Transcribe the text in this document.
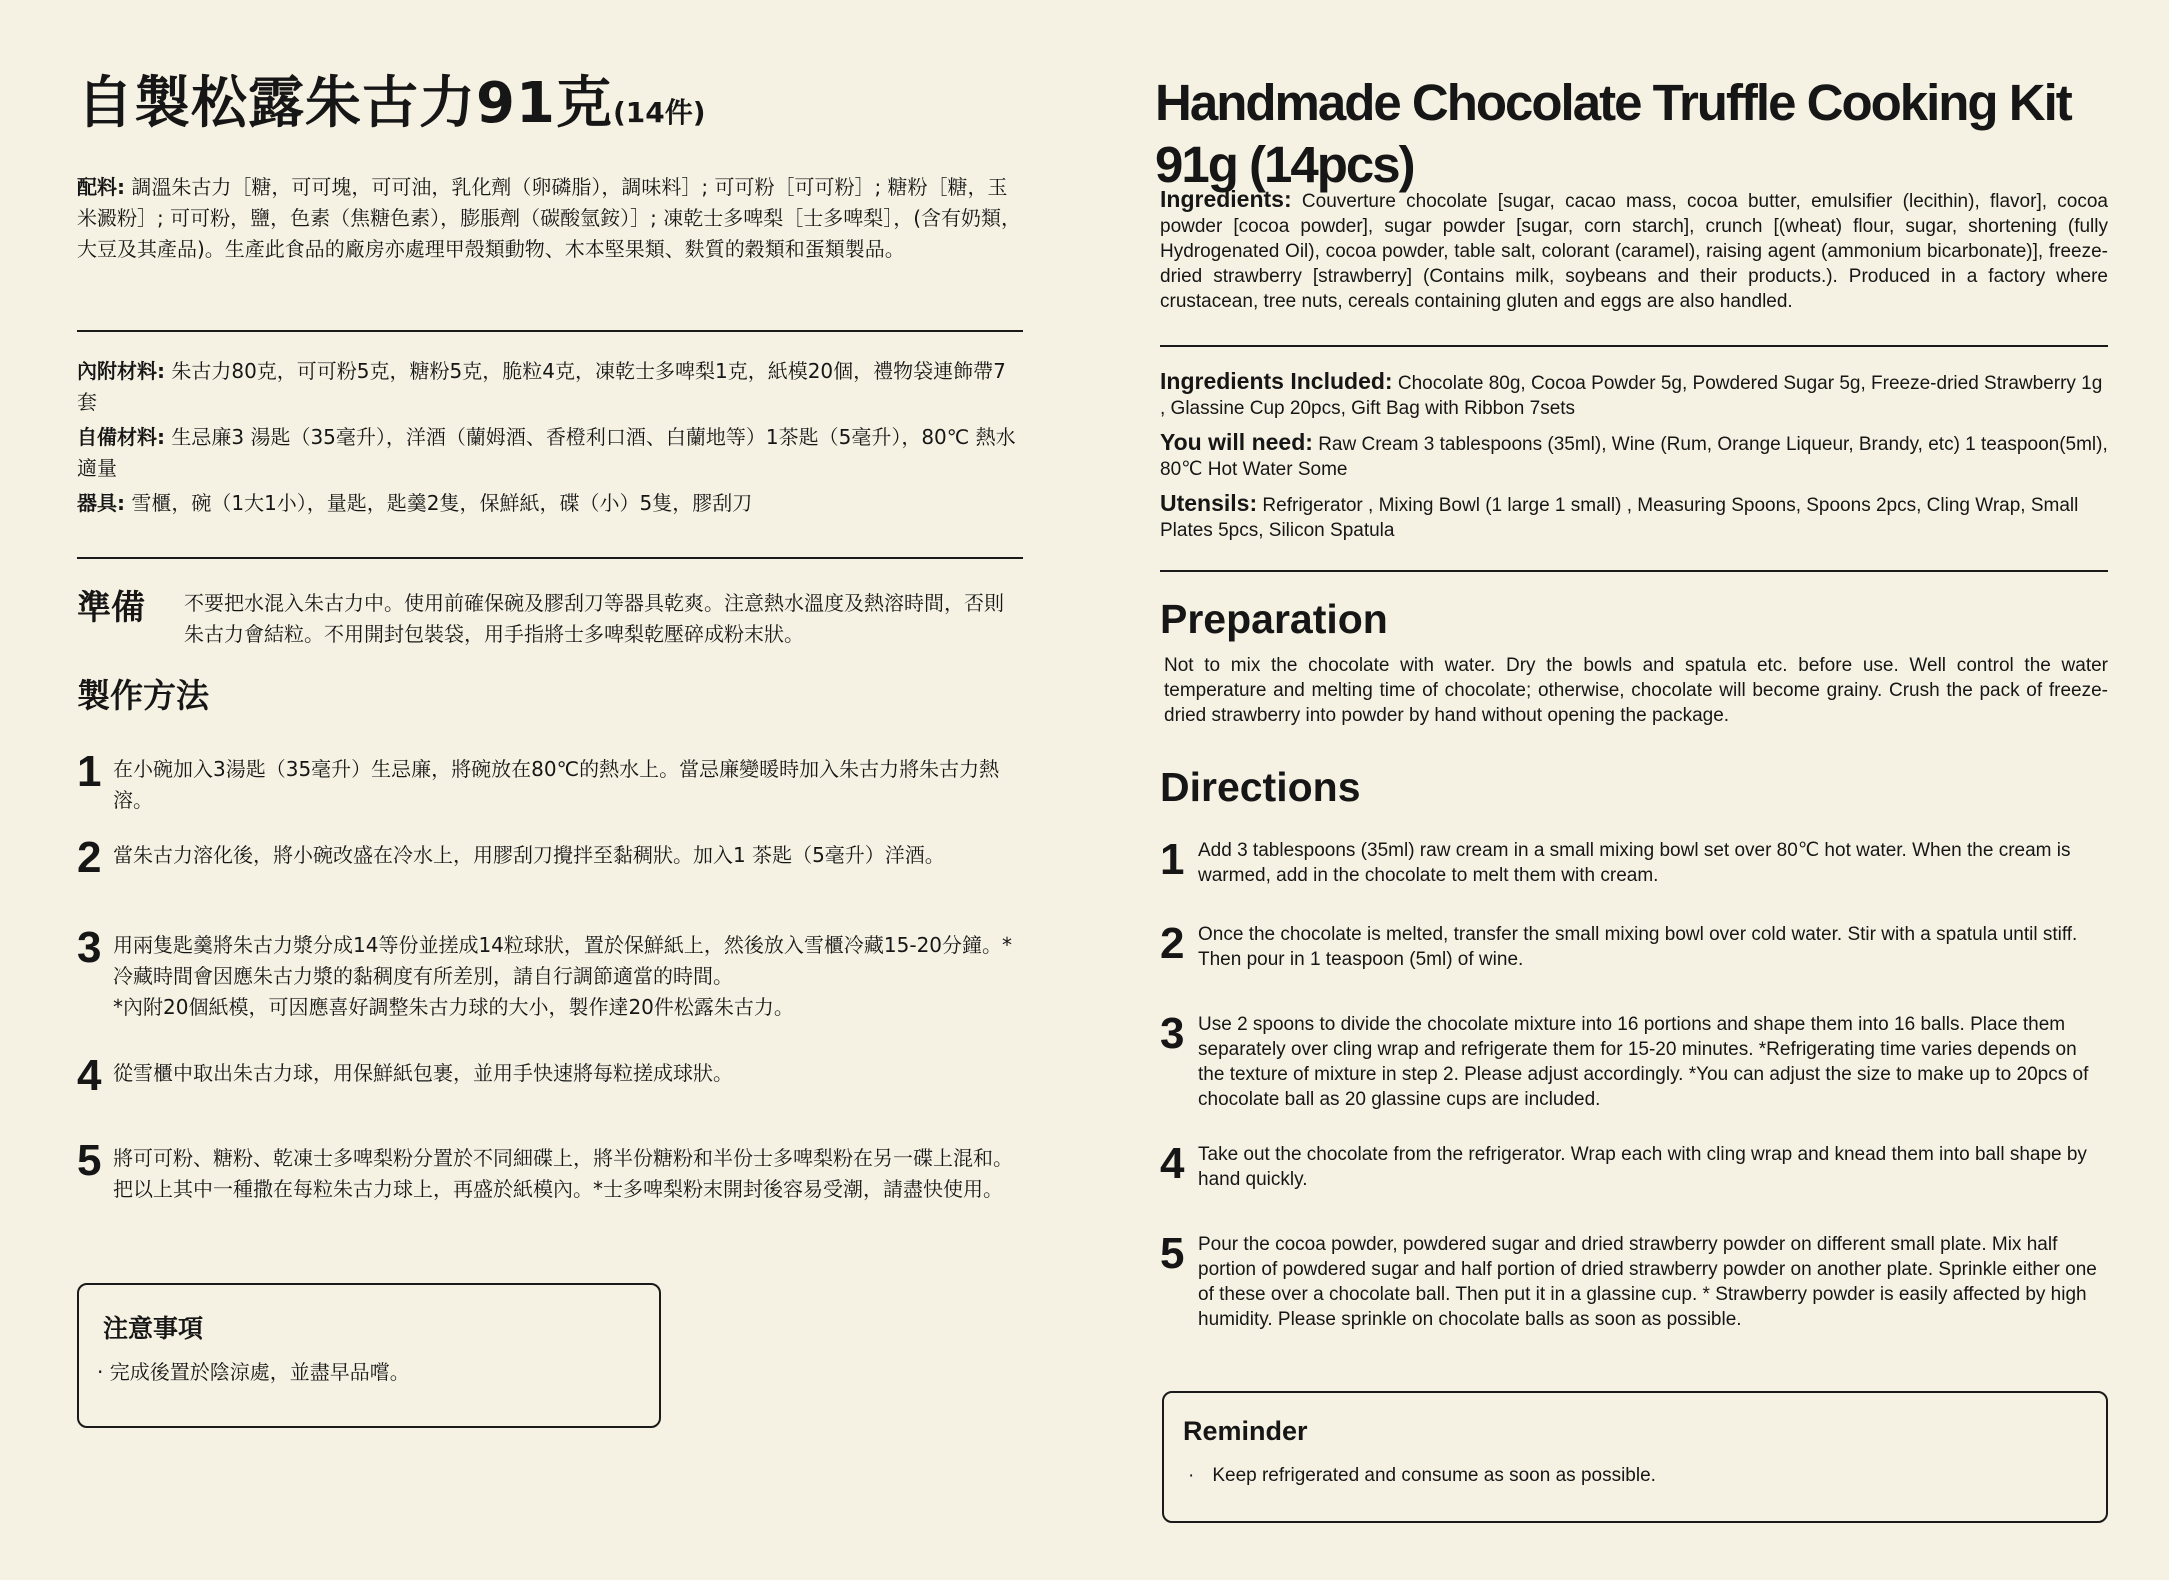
自製松露朱古力91克(14件)
配料: 調溫朱古力［糖，可可塊，可可油，乳化劑（卵磷脂），調味料］; 可可粉［可可粉］; 糖粉［糖，玉米澱粉］; 可可粉，鹽，色素（焦糖色素），膨脹劑（碳酸氫銨）］; 凍乾士多啤梨［士多啤梨］，(含有奶類，大豆及其產品)。生產此食品的廠房亦處理甲殼類動物、木本堅果類、麩質的穀類和蛋類製品。
內附材料: 朱古力80克，可可粉5克，糖粉5克，脆粒4克，凍乾士多啤梨1克，紙模20個，禮物袋連飾帶7套
自備材料: 生忌廉3 湯匙（35毫升），洋酒（蘭姆酒、香橙利口酒、白蘭地等）1茶匙（5毫升），80℃ 熱水 適量
器具: 雪櫃，碗（1大1小），量匙，匙羹2隻，保鮮紙，碟（小）5隻，膠刮刀
準備 不要把水混入朱古力中。使用前確保碗及膠刮刀等器具乾爽。注意熱水溫度及熱溶時間，否則朱古力會結粒。不用開封包裝袋，用手指將士多啤梨乾壓碎成粉末狀。
製作方法
1 在小碗加入3湯匙（35毫升）生忌廉，將碗放在80℃的熱水上。當忌廉變暖時加入朱古力將朱古力熱溶。
2 當朱古力溶化後，將小碗改盛在冷水上，用膠刮刀攪拌至黏稠狀。加入1 茶匙（5毫升）洋酒。
3 用兩隻匙羹將朱古力漿分成14等份並搓成14粒球狀，置於保鮮紙上，然後放入雪櫃冷藏15-20分鐘。*冷藏時間會因應朱古力漿的黏稠度有所差別，請自行調節適當的時間。
*內附20個紙模，可因應喜好調整朱古力球的大小，製作達20件松露朱古力。
4 從雪櫃中取出朱古力球，用保鮮紙包裹，並用手快速將每粒搓成球狀。
5 將可可粉、糖粉、乾凍士多啤梨粉分置於不同細碟上，將半份糖粉和半份士多啤梨粉在另一碟上混和。把以上其中一種撒在每粒朱古力球上，再盛於紙模內。*士多啤梨粉末開封後容易受潮，請盡快使用。
注意事項
· 完成後置於陰涼處，並盡早品嚐。
Handmade Chocolate Truffle Cooking Kit 91g (14pcs)
Ingredients: Couverture chocolate [sugar, cacao mass, cocoa butter, emulsifier (lecithin), flavor], cocoa powder [cocoa powder], sugar powder [sugar, corn starch], crunch [(wheat) flour, sugar, shortening (fully Hydrogenated Oil), cocoa powder, table salt, colorant (caramel), raising agent (ammonium bicarbonate)], freeze-dried strawberry [strawberry] (Contains milk, soybeans and their products.). Produced in a factory where crustacean, tree nuts, cereals containing gluten and eggs are also handled.
Ingredients Included: Chocolate 80g, Cocoa Powder 5g, Powdered Sugar 5g, Freeze-dried Strawberry 1g , Glassine Cup 20pcs, Gift Bag with Ribbon 7sets
You will need: Raw Cream 3 tablespoons (35ml), Wine (Rum, Orange Liqueur, Brandy, etc) 1 teaspoon(5ml), 80℃ Hot Water Some
Utensils: Refrigerator , Mixing Bowl (1 large 1 small) , Measuring Spoons, Spoons 2pcs, Cling Wrap, Small Plates 5pcs, Silicon Spatula
Preparation
Not to mix the chocolate with water. Dry the bowls and spatula etc. before use. Well control the water temperature and melting time of chocolate; otherwise, chocolate will become grainy. Crush the pack of freeze-dried strawberry into powder by hand without opening the package.
Directions
1 Add 3 tablespoons (35ml) raw cream in a small mixing bowl set over 80℃ hot water. When the cream is warmed, add in the chocolate to melt them with cream.
2 Once the chocolate is melted, transfer the small mixing bowl over cold water. Stir with a spatula until stiff. Then pour in 1 teaspoon (5ml) of wine.
3 Use 2 spoons to divide the chocolate mixture into 16 portions and shape them into 16 balls. Place them separately over cling wrap and refrigerate them for 15-20 minutes. *Refrigerating time varies depends on the texture of mixture in step 2. Please adjust accordingly. *You can adjust the size to make up to 20pcs of chocolate ball as 20 glassine cups are included.
4 Take out the chocolate from the refrigerator. Wrap each with cling wrap and knead them into ball shape by hand quickly.
5 Pour the cocoa powder, powdered sugar and dried strawberry powder on different small plate. Mix half portion of powdered sugar and half portion of dried strawberry powder on another plate. Sprinkle either one of these over a chocolate ball. Then put it in a glassine cup. * Strawberry powder is easily affected by high humidity. Please sprinkle on chocolate balls as soon as possible.
Reminder
· Keep refrigerated and consume as soon as possible.
